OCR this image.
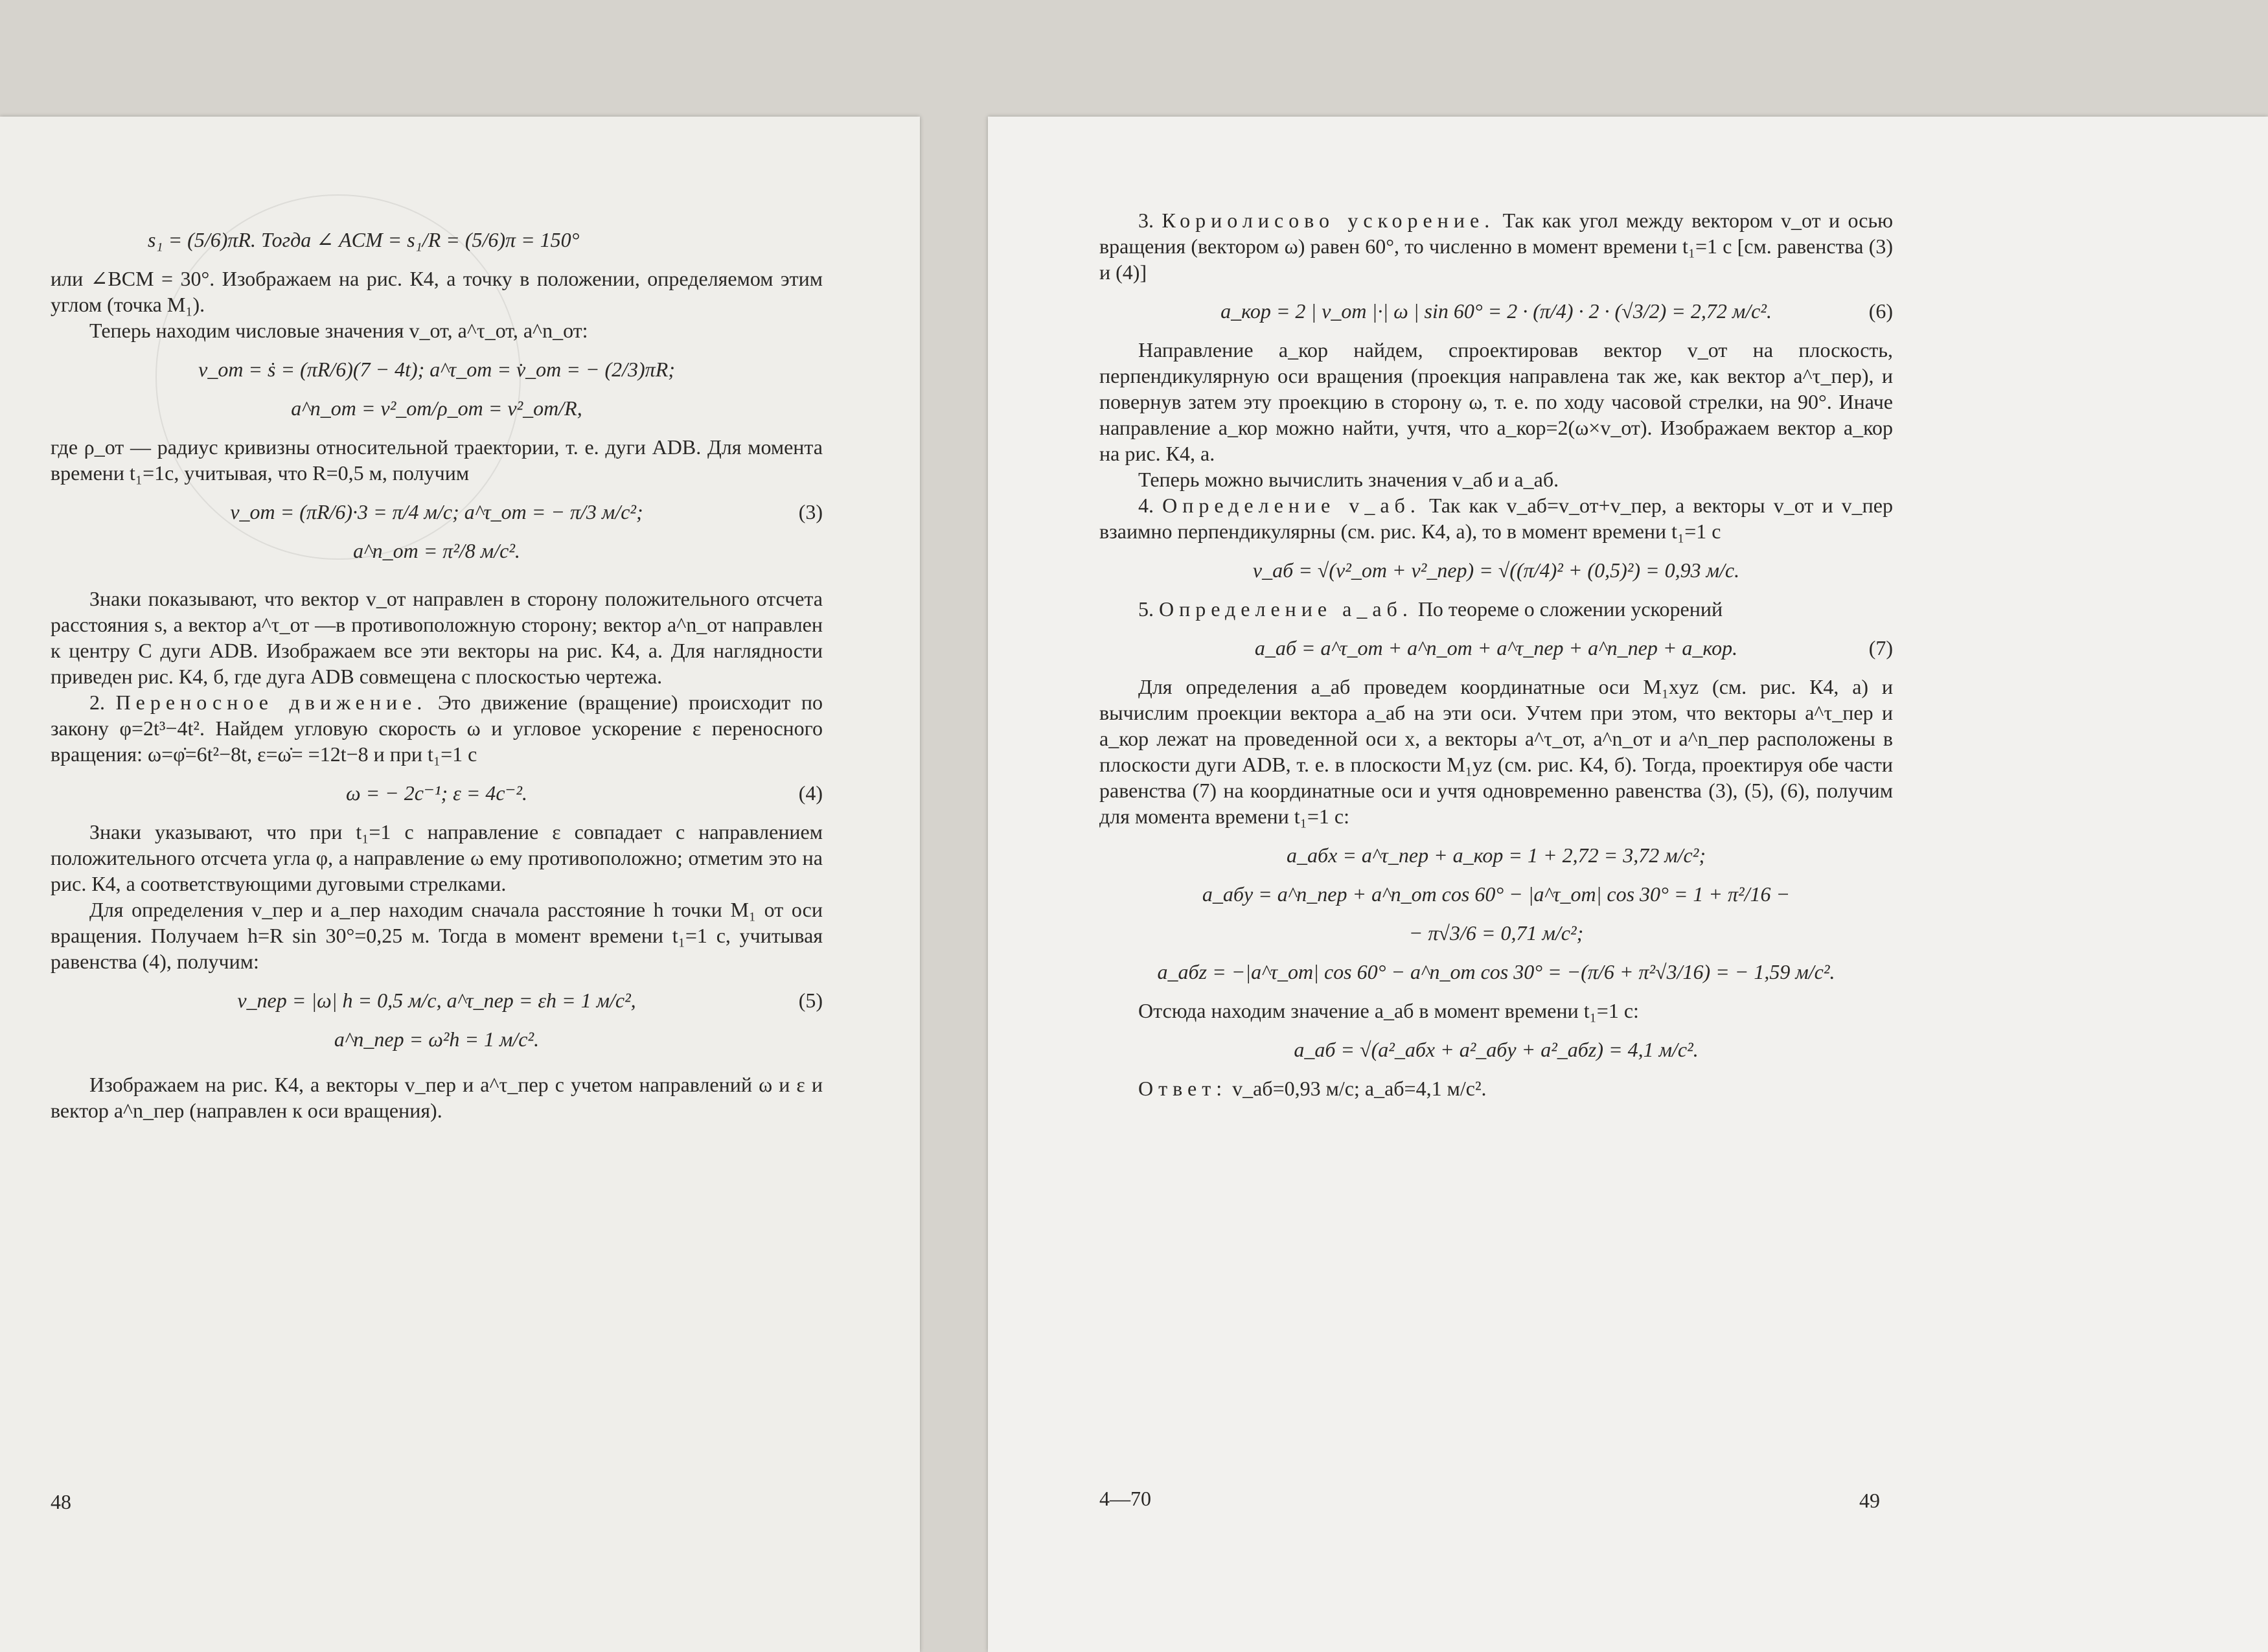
s₁ = (5/6)πR. Тогда ∠ ACM = s₁/R = (5/6)π = 150°

или ∠BCM = 30°. Изображаем на рис. К4, а точку в положении, определяемом этим углом (точка M₁).

Теперь находим числовые значения v_от, a^τ_от, a^n_от:

v_от = ṡ = (πR/6)(7 − 4t); a^τ_от = v̇_от = − (2/3)πR;
a^n_от = v²_от/ρ_от = v²_от/R,

где ρ_от — радиус кривизны относительной траектории, т. е. дуги ADB. Для момента времени t₁=1с, учитывая, что R=0,5 м, получим

v_от = (πR/6)·3 = π/4 м/с; a^τ_от = − π/3 м/с²;	(3)
a^n_от = π²/8 м/с².

Знаки показывают, что вектор v_от направлен в сторону положительного отсчета расстояния s, а вектор a^τ_от —в противоположную сторону; вектор a^n_от направлен к центру C дуги ADB. Изображаем все эти векторы на рис. К4, а. Для наглядности приведен рис. К4, б, где дуга ADB совмещена с плоскостью чертежа.

2. Переносное движение. Это движение (вращение) происходит по закону φ=2t³−4t². Найдем угловую скорость ω и угловое ускорение ε переносного вращения: ω=φ̇=6t²−8t, ε=ω̇= =12t−8 и при t₁=1 с

ω = − 2с⁻¹; ε = 4с⁻².	(4)

Знаки указывают, что при t₁=1 с направление ε совпадает с направлением положительного отсчета угла φ, а направление ω ему противоположно; отметим это на рис. К4, а соответствующими дуговыми стрелками.

Для определения v_пер и a_пер находим сначала расстояние h точки M₁ от оси вращения. Получаем h=R sin 30°=0,25 м. Тогда в момент времени t₁=1 с, учитывая равенства (4), получим:

v_пер = |ω| h = 0,5 м/с, a^τ_пер = εh = 1 м/с²,	(5)
a^n_пер = ω²h = 1 м/с².

Изображаем на рис. К4, а векторы v_пер и a^τ_пер с учетом направлений ω и ε и вектор a^n_пер (направлен к оси вращения).

48

3. Кориолисово ускорение. Так как угол между вектором v_от и осью вращения (вектором ω) равен 60°, то численно в момент времени t₁=1 с [см. равенства (3) и (4)]

a_кор = 2 | v_от |·| ω | sin 60° = 2 · (π/4) · 2 · (√3/2) = 2,72 м/с².	(6)

Направление a_кор найдем, спроектировав вектор v_от на плоскость, перпендикулярную оси вращения (проекция направлена так же, как вектор a^τ_пер), и повернув затем эту проекцию в сторону ω, т. е. по ходу часовой стрелки, на 90°. Иначе направление a_кор можно найти, учтя, что a_кор=2(ω×v_от). Изображаем вектор a_кор на рис. К4, а.

Теперь можно вычислить значения v_аб и a_аб.

4. Определение v_аб. Так как v_аб=v_от+v_пер, а векторы v_от и v_пер взаимно перпендикулярны (см. рис. К4, а), то в момент времени t₁=1 с

v_аб = √(v²_от + v²_пер) = √((π/4)² + (0,5)²) = 0,93 м/с.

5. Определение a_аб. По теореме о сложении ускорений

a_аб = a^τ_от + a^n_от + a^τ_пер + a^n_пер + a_кор.	(7)

Для определения a_аб проведем координатные оси M₁xyz (см. рис. К4, а) и вычислим проекции вектора a_аб на эти оси. Учтем при этом, что векторы a^τ_пер и a_кор лежат на проведенной оси x, а векторы a^τ_от, a^n_от и a^n_пер расположены в плоскости дуги ADB, т. е. в плоскости M₁yz (см. рис. К4, б). Тогда, проектируя обе части равенства (7) на координатные оси и учтя одновременно равенства (3), (5), (6), получим для момента времени t₁=1 с:

a_абx = a^τ_пер + a_кор = 1 + 2,72 = 3,72 м/с²;
a_абy = a^n_пер + a^n_от cos 60° − |a^τ_от| cos 30° = 1 + π²/16 −
− π√3/6 = 0,71 м/с²;
a_абz = −|a^τ_от| cos 60° − a^n_от cos 30° = −(π/6 + π²√3/16) = − 1,59 м/с².

Отсюда находим значение a_аб в момент времени t₁=1 с:

a_аб = √(a²_абx + a²_абy + a²_абz) = 4,1 м/с².

Ответ: v_аб=0,93 м/с; a_аб=4,1 м/с².

4—70	49
